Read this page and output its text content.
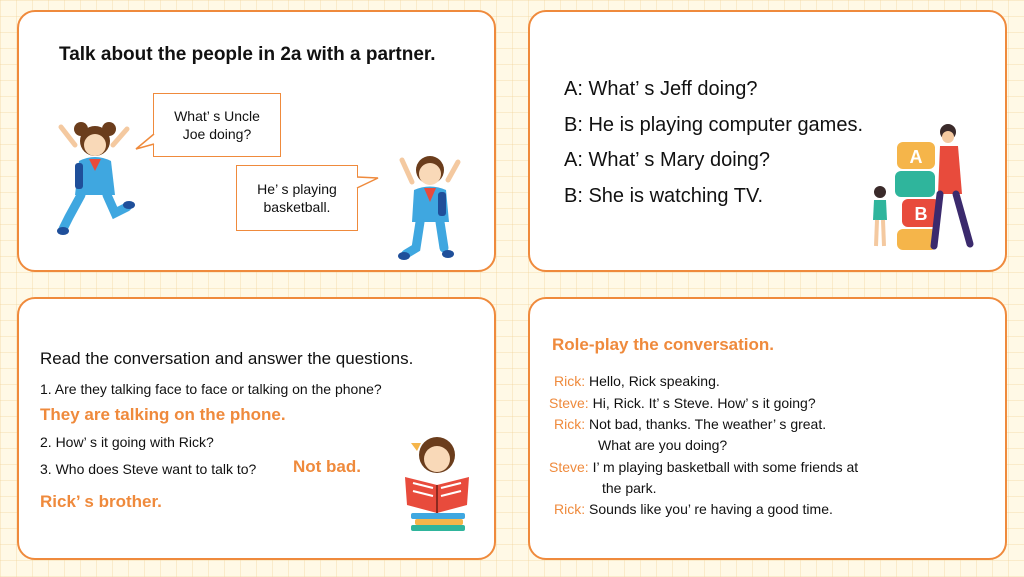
Talk about the people in 2a with a partner.
What’ s Uncle
Joe doing?
He’ s playing
basketball.
A: What’ s Jeff doing?
B: He is playing computer games.
A: What’ s Mary doing?
B: She is watching TV.
A
B
Read the conversation and answer the questions.
1. Are they talking face to face or talking on the phone?
They are talking on the phone.
2. How’ s it going with Rick?
3. Who does Steve want to talk to? Not bad.
Rick’ s brother.
Role-play the conversation.
Rick: Hello, Rick speaking.
Steve: Hi, Rick. It’ s Steve. How’ s it going?
Rick: Not bad, thanks. The weather’ s great.
What are you doing?
Steve: I’ m playing basketball with some friends at
the park.
Rick: Sounds like you’ re having a good time.
